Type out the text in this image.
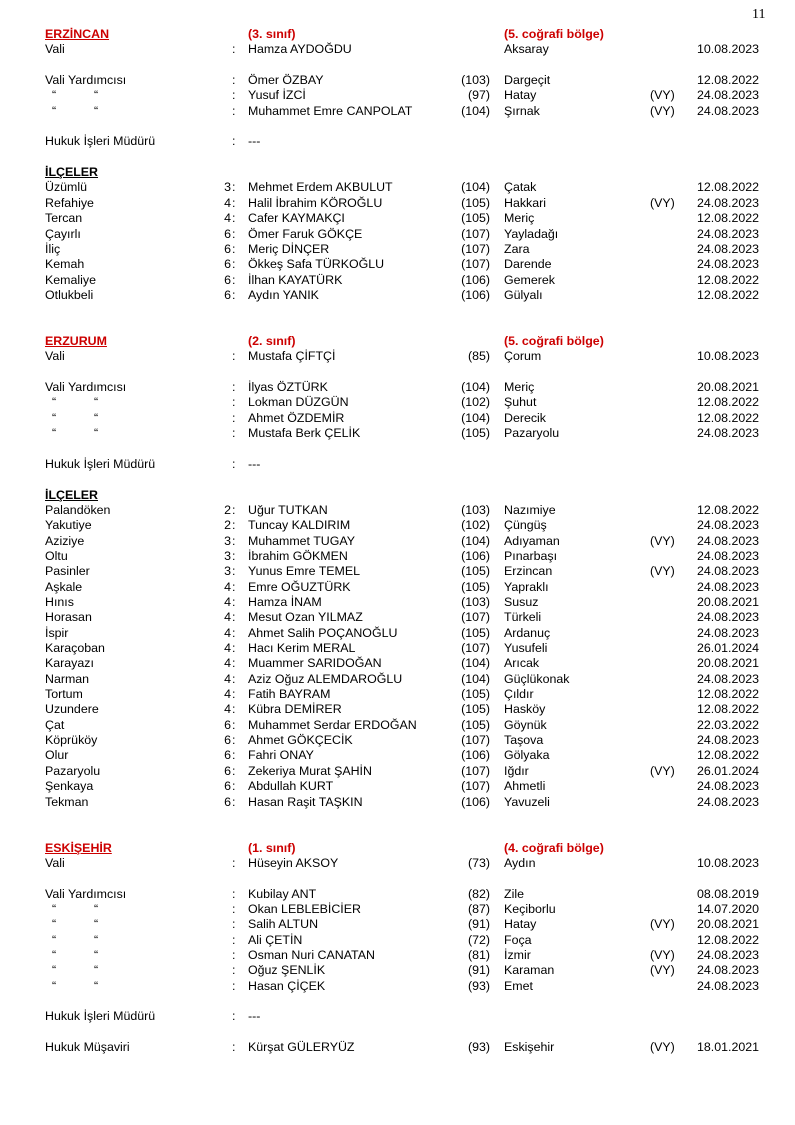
11
ERZİNCAN	(3. sınıf)	(5. coğrafi bölge)
Vali	: Hamza AYDOĞDU	Aksaray	10.08.2023
Vali Yardımcısı	: Ömer ÖZBAY	(103) Dargeçit	12.08.2022
“	“	: Yusuf İZCİ	(97) Hatay	(VY) 24.08.2023
“	“	: Muhammet Emre CANPOLAT	(104) Şırnak	(VY) 24.08.2023
Hukuk İşleri Müdürü	: ---
İLÇELER
Üzümlü	3 : Mehmet Erdem AKBULUT	(104) Çatak	12.08.2022
Refahiye	4 : Halil İbrahim KÖROĞLU	(105) Hakkari	(VY) 24.08.2023
Tercan	4 : Cafer KAYMAKÇI	(105) Meriç	12.08.2022
Çayırlı	6 : Ömer Faruk GÖKÇE	(107) Yayladağı	24.08.2023
İliç	6 : Meriç DİNÇER	(107) Zara	24.08.2023
Kemah	6 : Ökkeş Safa TÜRKOĞLU	(107) Darende	24.08.2023
Kemaliye	6 : İlhan KAYATÜRK	(106) Gemerek	12.08.2022
Otlukbeli	6 : Aydın YANIK	(106) Gülyalı	12.08.2022
ERZURUM	(2. sınıf)	(5. coğrafi bölge)
Vali	: Mustafa ÇİFTÇİ	(85) Çorum	10.08.2023
Vali Yardımcısı	: İlyas ÖZTÜRK	(104) Meriç	20.08.2021
“	“	: Lokman DÜZGÜN	(102) Şuhut	12.08.2022
“	“	: Ahmet ÖZDEMİR	(104) Derecik	12.08.2022
“	“	: Mustafa Berk ÇELİK	(105) Pazaryolu	24.08.2023
Hukuk İşleri Müdürü	: ---
İLÇELER
Palandöken	2 : Uğur TUTKAN	(103) Nazımiye	12.08.2022
Yakutiye	2 : Tuncay KALDIRIM	(102) Çüngüş	24.08.2023
Aziziye	3 : Muhammet TUGAY	(104) Adıyaman	(VY) 24.08.2023
Oltu	3 : İbrahim GÖKMEN	(106) Pınarbaşı	24.08.2023
Pasinler	3 : Yunus Emre TEMEL	(105) Erzincan	(VY) 24.08.2023
Aşkale	4 : Emre OĞUZTÜRK	(105) Yapraklı	24.08.2023
Hınıs	4 : Hamza İNAM	(103) Susuz	20.08.2021
Horasan	4 : Mesut Ozan YILMAZ	(107) Türkeli	24.08.2023
İspir	4 : Ahmet Salih POÇANOĞLU	(105) Ardanuç	24.08.2023
Karaçoban	4 : Hacı Kerim MERAL	(107) Yusufeli	26.01.2024
Karayazı	4 : Muammer SARIDOĞAN	(104) Arıcak	20.08.2021
Narman	4 : Aziz Oğuz ALEMDAROĞLU	(104) Güçlükonak	24.08.2023
Tortum	4 : Fatih BAYRAM	(105) Çıldır	12.08.2022
Uzundere	4 : Kübra DEMİRER	(105) Hasköy	12.08.2022
Çat	6 : Muhammet Serdar ERDOĞAN	(105) Göynük	22.03.2022
Köprüköy	6 : Ahmet GÖKÇECİK	(107) Taşova	24.08.2023
Olur	6 : Fahri ONAY	(106) Gölyaka	12.08.2022
Pazaryolu	6 : Zekeriya Murat ŞAHİN	(107) Iğdır	(VY) 26.01.2024
Şenkaya	6 : Abdullah KURT	(107) Ahmetli	24.08.2023
Tekman	6 : Hasan Raşit TAŞKIN	(106) Yavuzeli	24.08.2023
ESKİŞEHİR	(1. sınıf)	(4. coğrafi bölge)
Vali	: Hüseyin AKSOY	(73) Aydın	10.08.2023
Vali Yardımcısı	: Kubilay ANT	(82) Zile	08.08.2019
“	“	: Okan LEBLEBİCİER	(87) Keçiborlu	14.07.2020
“	“	: Salih ALTUN	(91) Hatay	(VY) 20.08.2021
“	“	: Ali ÇETİN	(72) Foça	12.08.2022
“	“	: Osman Nuri CANATAN	(81) İzmir	(VY) 24.08.2023
“	“	: Oğuz ŞENLİK	(91) Karaman	(VY) 24.08.2023
“	“	: Hasan ÇİÇEK	(93) Emet	24.08.2023
Hukuk İşleri Müdürü	: ---
Hukuk Müşaviri	: Kürşat GÜLERYÜZ	(93) Eskişehir	(VY) 18.01.2021
